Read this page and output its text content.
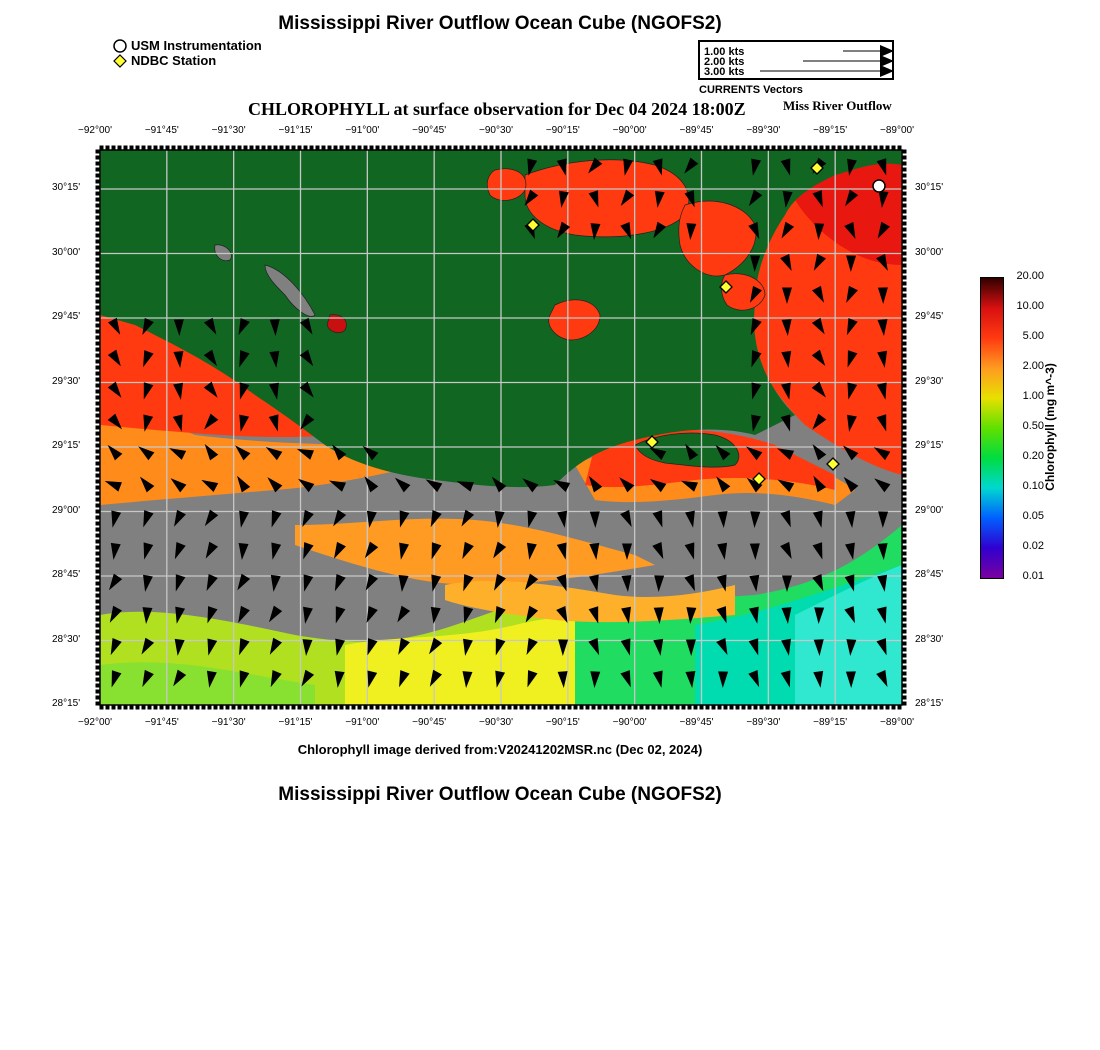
Mississippi River Outflow Ocean Cube (NGOFS2)
USM Instrumentation
NDBC Station
1.00 kts
2.00 kts
3.00 kts
CURRENTS Vectors
CHLOROPHYLL at surface observation for Dec 04 2024 18:00Z	Miss River Outflow
−92°00'	−91°45'	−91°30'	−91°15'	−91°00'	−90°45'	−90°30'	−90°15'	−90°00'	−89°45'	−89°30'	−89°15'	−89°00'
−92°00'	−91°45'	−91°30'	−91°15'	−91°00'	−90°45'	−90°30'	−90°15'	−90°00'	−89°45'	−89°30'	−89°15'	−89°00'
30°15'
30°00'
29°45'
29°30'
29°15'
29°00'
28°45'
28°30'
28°15'
30°15'
30°00'
29°45'
29°30'
29°15'
29°00'
28°45'
28°30'
28°15'
20.00
10.00
5.00
2.00
1.00
0.50
0.20
0.10
0.05
0.02
0.01
Chlorophyll (mg m^-3)
Chlorophyll image derived from:V20241202MSR.nc (Dec 02, 2024)
Mississippi River Outflow Ocean Cube (NGOFS2)
